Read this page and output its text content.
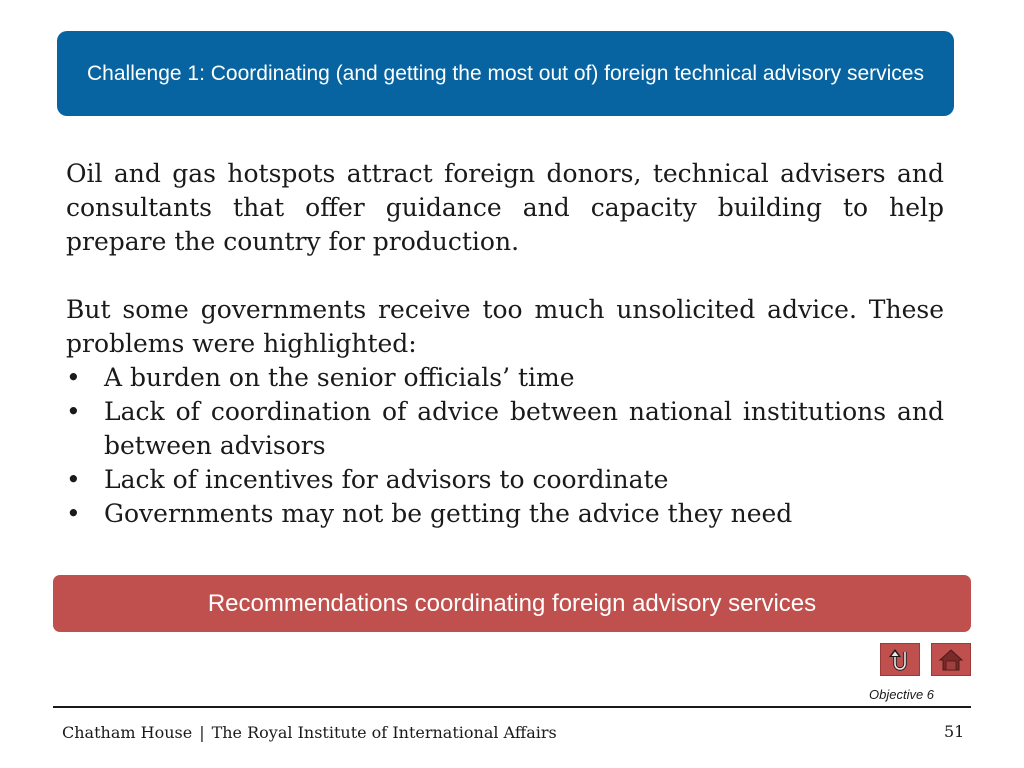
Challenge 1: Coordinating (and getting the most out of) foreign technical advisory services

Oil and gas hotspots attract foreign donors, technical advisers and consultants that offer guidance and capacity building to help prepare the country for production.

But some governments receive too much unsolicited advice. These problems were highlighted:

• A burden on the senior officials’ time
• Lack of coordination of advice between national institutions and between advisors
• Lack of incentives for advisors to coordinate
• Governments may not be getting the advice they need
Recommendations coordinating foreign advisory services
Objective 6
Chatham House | The Royal Institute of International Affairs	51
